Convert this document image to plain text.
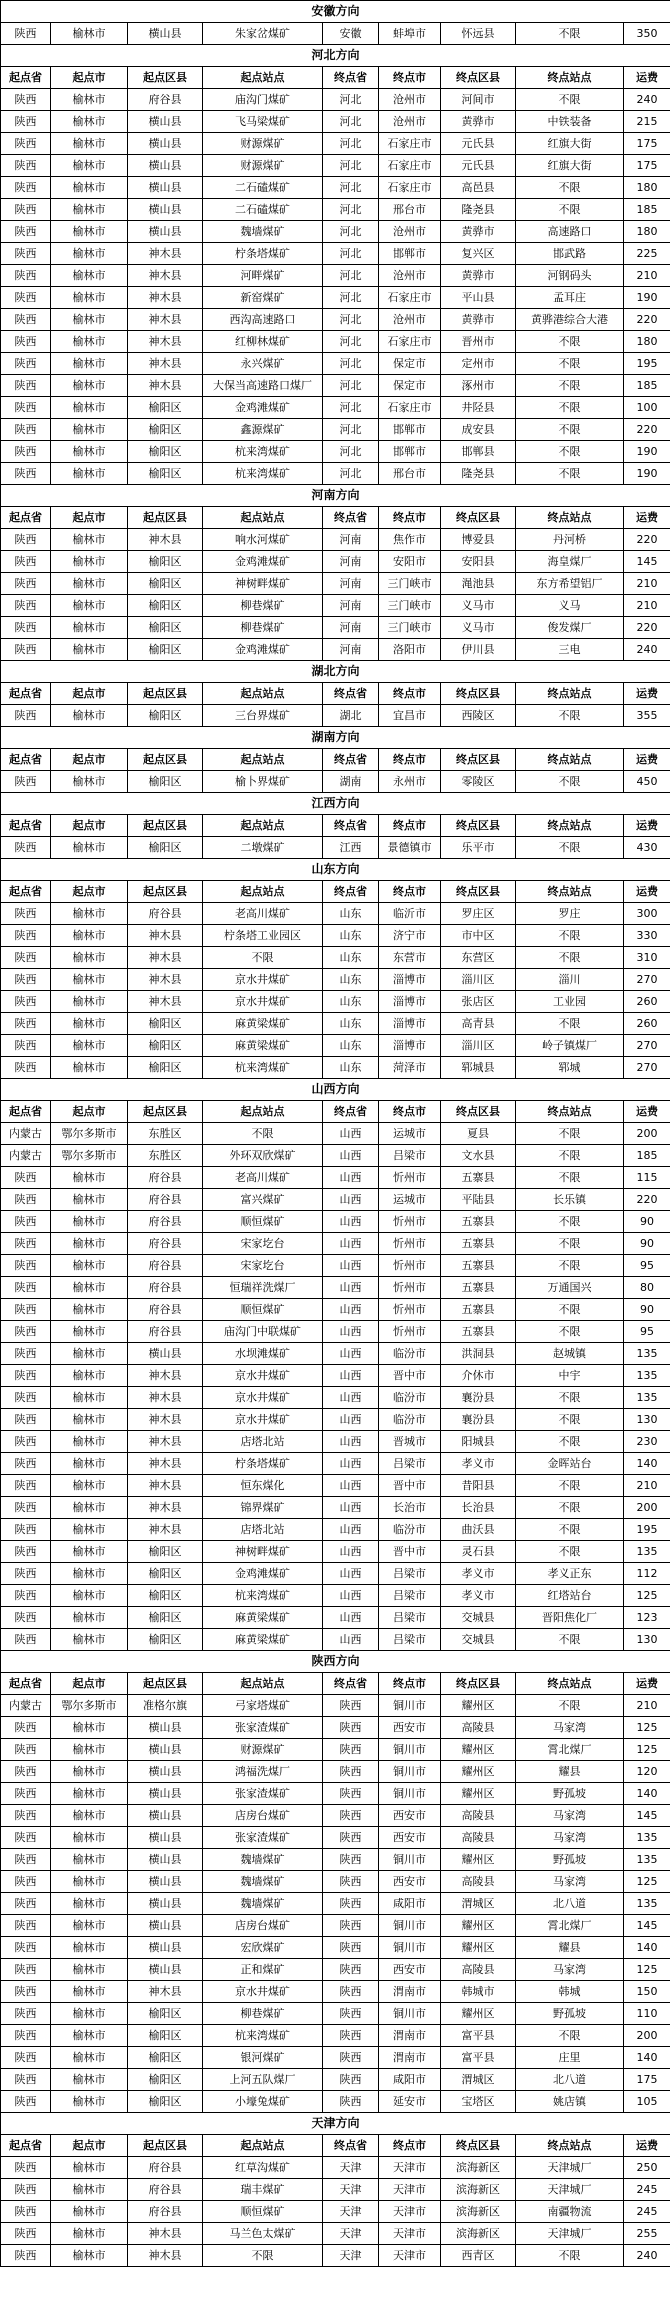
安徽方向								
陕西	榆林市	横山县	朱家岔煤矿	安徽	蚌埠市	怀远县	不限	350
河北方向								
起点省	起点市	起点区县	起点站点	终点省	终点市	终点区县	终点站点	运费
陕西	榆林市	府谷县	庙沟门煤矿	河北	沧州市	河间市	不限	240
陕西	榆林市	横山县	飞马梁煤矿	河北	沧州市	黄骅市	中铁装备	215
陕西	榆林市	横山县	财源煤矿	河北	石家庄市	元氏县	红旗大街	175
陕西	榆林市	横山县	财源煤矿	河北	石家庄市	元氏县	红旗大街	175
陕西	榆林市	横山县	二石磕煤矿	河北	石家庄市	高邑县	不限	180
陕西	榆林市	横山县	二石磕煤矿	河北	邢台市	隆尧县	不限	185
陕西	榆林市	横山县	魏墙煤矿	河北	沧州市	黄骅市	高速路口	180
陕西	榆林市	神木县	柠条塔煤矿	河北	邯郸市	复兴区	邯武路	225
陕西	榆林市	神木县	河畔煤矿	河北	沧州市	黄骅市	河钢码头	210
陕西	榆林市	神木县	新窑煤矿	河北	石家庄市	平山县	孟耳庄	190
陕西	榆林市	神木县	西沟高速路口	河北	沧州市	黄骅市	黄骅港综合大港	220
陕西	榆林市	神木县	红柳林煤矿	河北	石家庄市	晋州市	不限	180
陕西	榆林市	神木县	永兴煤矿	河北	保定市	定州市	不限	195
陕西	榆林市	神木县	大保当高速路口煤厂	河北	保定市	涿州市	不限	185
陕西	榆林市	榆阳区	金鸡滩煤矿	河北	石家庄市	井陉县	不限	100
陕西	榆林市	榆阳区	鑫源煤矿	河北	邯郸市	成安县	不限	220
陕西	榆林市	榆阳区	杭来湾煤矿	河北	邯郸市	邯郸县	不限	190
陕西	榆林市	榆阳区	杭来湾煤矿	河北	邢台市	隆尧县	不限	190
河南方向								
起点省	起点市	起点区县	起点站点	终点省	终点市	终点区县	终点站点	运费
陕西	榆林市	神木县	响水河煤矿	河南	焦作市	博爱县	丹河桥	220
陕西	榆林市	榆阳区	金鸡滩煤矿	河南	安阳市	安阳县	海皇煤厂	145
陕西	榆林市	榆阳区	神树畔煤矿	河南	三门峡市	渑池县	东方希望铝厂	210
陕西	榆林市	榆阳区	柳巷煤矿	河南	三门峡市	义马市	义马	210
陕西	榆林市	榆阳区	柳巷煤矿	河南	三门峡市	义马市	俊发煤厂	220
陕西	榆林市	榆阳区	金鸡滩煤矿	河南	洛阳市	伊川县	三电	240
湖北方向								
起点省	起点市	起点区县	起点站点	终点省	终点市	终点区县	终点站点	运费
陕西	榆林市	榆阳区	三台界煤矿	湖北	宜昌市	西陵区	不限	355
湖南方向								
起点省	起点市	起点区县	起点站点	终点省	终点市	终点区县	终点站点	运费
陕西	榆林市	榆阳区	榆卜界煤矿	湖南	永州市	零陵区	不限	450
江西方向								
起点省	起点市	起点区县	起点站点	终点省	终点市	终点区县	终点站点	运费
陕西	榆林市	榆阳区	二墩煤矿	江西	景德镇市	乐平市	不限	430
山东方向								
起点省	起点市	起点区县	起点站点	终点省	终点市	终点区县	终点站点	运费
陕西	榆林市	府谷县	老高川煤矿	山东	临沂市	罗庄区	罗庄	300
陕西	榆林市	神木县	柠条塔工业园区	山东	济宁市	市中区	不限	330
陕西	榆林市	神木县	不限	山东	东营市	东营区	不限	310
陕西	榆林市	神木县	京水井煤矿	山东	淄博市	淄川区	淄川	270
陕西	榆林市	神木县	京水井煤矿	山东	淄博市	张店区	工业园	260
陕西	榆林市	榆阳区	麻黄梁煤矿	山东	淄博市	高青县	不限	260
陕西	榆林市	榆阳区	麻黄梁煤矿	山东	淄博市	淄川区	岭子镇煤厂	270
陕西	榆林市	榆阳区	杭来湾煤矿	山东	菏泽市	郓城县	郓城	270
山西方向								
起点省	起点市	起点区县	起点站点	终点省	终点市	终点区县	终点站点	运费
内蒙古	鄂尔多斯市	东胜区	不限	山西	运城市	夏县	不限	200
内蒙古	鄂尔多斯市	东胜区	外环双欣煤矿	山西	吕梁市	文水县	不限	185
陕西	榆林市	府谷县	老高川煤矿	山西	忻州市	五寨县	不限	115
陕西	榆林市	府谷县	富兴煤矿	山西	运城市	平陆县	长乐镇	220
陕西	榆林市	府谷县	顺恒煤矿	山西	忻州市	五寨县	不限	90
陕西	榆林市	府谷县	宋家圪台	山西	忻州市	五寨县	不限	90
陕西	榆林市	府谷县	宋家圪台	山西	忻州市	五寨县	不限	95
陕西	榆林市	府谷县	恒瑞祥洗煤厂	山西	忻州市	五寨县	万通国兴	80
陕西	榆林市	府谷县	顺恒煤矿	山西	忻州市	五寨县	不限	90
陕西	榆林市	府谷县	庙沟门中联煤矿	山西	忻州市	五寨县	不限	95
陕西	榆林市	横山县	水坝滩煤矿	山西	临汾市	洪洞县	赵城镇	135
陕西	榆林市	神木县	京水井煤矿	山西	晋中市	介休市	中宇	135
陕西	榆林市	神木县	京水井煤矿	山西	临汾市	襄汾县	不限	135
陕西	榆林市	神木县	京水井煤矿	山西	临汾市	襄汾县	不限	130
陕西	榆林市	神木县	店塔北站	山西	晋城市	阳城县	不限	230
陕西	榆林市	神木县	柠条塔煤矿	山西	吕梁市	孝义市	金晖站台	140
陕西	榆林市	神木县	恒东煤化	山西	晋中市	昔阳县	不限	210
陕西	榆林市	神木县	锦界煤矿	山西	长治市	长治县	不限	200
陕西	榆林市	神木县	店塔北站	山西	临汾市	曲沃县	不限	195
陕西	榆林市	榆阳区	神树畔煤矿	山西	晋中市	灵石县	不限	135
陕西	榆林市	榆阳区	金鸡滩煤矿	山西	吕梁市	孝义市	孝义正东	112
陕西	榆林市	榆阳区	杭来湾煤矿	山西	吕梁市	孝义市	红塔站台	125
陕西	榆林市	榆阳区	麻黄梁煤矿	山西	吕梁市	交城县	晋阳焦化厂	123
陕西	榆林市	榆阳区	麻黄梁煤矿	山西	吕梁市	交城县	不限	130
陕西方向								
起点省	起点市	起点区县	起点站点	终点省	终点市	终点区县	终点站点	运费
内蒙古	鄂尔多斯市	准格尔旗	弓家塔煤矿	陕西	铜川市	耀州区	不限	210
陕西	榆林市	横山县	张家渣煤矿	陕西	西安市	高陵县	马家湾	125
陕西	榆林市	横山县	财源煤矿	陕西	铜川市	耀州区	霄北煤厂	125
陕西	榆林市	横山县	鸿福洗煤厂	陕西	铜川市	耀州区	耀县	120
陕西	榆林市	横山县	张家渣煤矿	陕西	铜川市	耀州区	野孤坡	140
陕西	榆林市	横山县	店房台煤矿	陕西	西安市	高陵县	马家湾	145
陕西	榆林市	横山县	张家渣煤矿	陕西	西安市	高陵县	马家湾	135
陕西	榆林市	横山县	魏墙煤矿	陕西	铜川市	耀州区	野孤坡	135
陕西	榆林市	横山县	魏墙煤矿	陕西	西安市	高陵县	马家湾	125
陕西	榆林市	横山县	魏墙煤矿	陕西	咸阳市	渭城区	北八道	135
陕西	榆林市	横山县	店房台煤矿	陕西	铜川市	耀州区	霄北煤厂	145
陕西	榆林市	横山县	宏欣煤矿	陕西	铜川市	耀州区	耀县	140
陕西	榆林市	横山县	正和煤矿	陕西	西安市	高陵县	马家湾	125
陕西	榆林市	神木县	京水井煤矿	陕西	渭南市	韩城市	韩城	150
陕西	榆林市	榆阳区	柳巷煤矿	陕西	铜川市	耀州区	野孤坡	110
陕西	榆林市	榆阳区	杭来湾煤矿	陕西	渭南市	富平县	不限	200
陕西	榆林市	榆阳区	银河煤矿	陕西	渭南市	富平县	庄里	140
陕西	榆林市	榆阳区	上河五队煤厂	陕西	咸阳市	渭城区	北八道	175
陕西	榆林市	榆阳区	小壕兔煤矿	陕西	延安市	宝塔区	姚店镇	105
天津方向								
起点省	起点市	起点区县	起点站点	终点省	终点市	终点区县	终点站点	运费
陕西	榆林市	府谷县	红草沟煤矿	天津	天津市	滨海新区	天津城厂	250
陕西	榆林市	府谷县	瑞丰煤矿	天津	天津市	滨海新区	天津城厂	245
陕西	榆林市	府谷县	顺恒煤矿	天津	天津市	滨海新区	南疆物流	245
陕西	榆林市	神木县	马兰色太煤矿	天津	天津市	滨海新区	天津城厂	255
陕西	榆林市	神木县	不限	天津	天津市	西青区	不限	240
